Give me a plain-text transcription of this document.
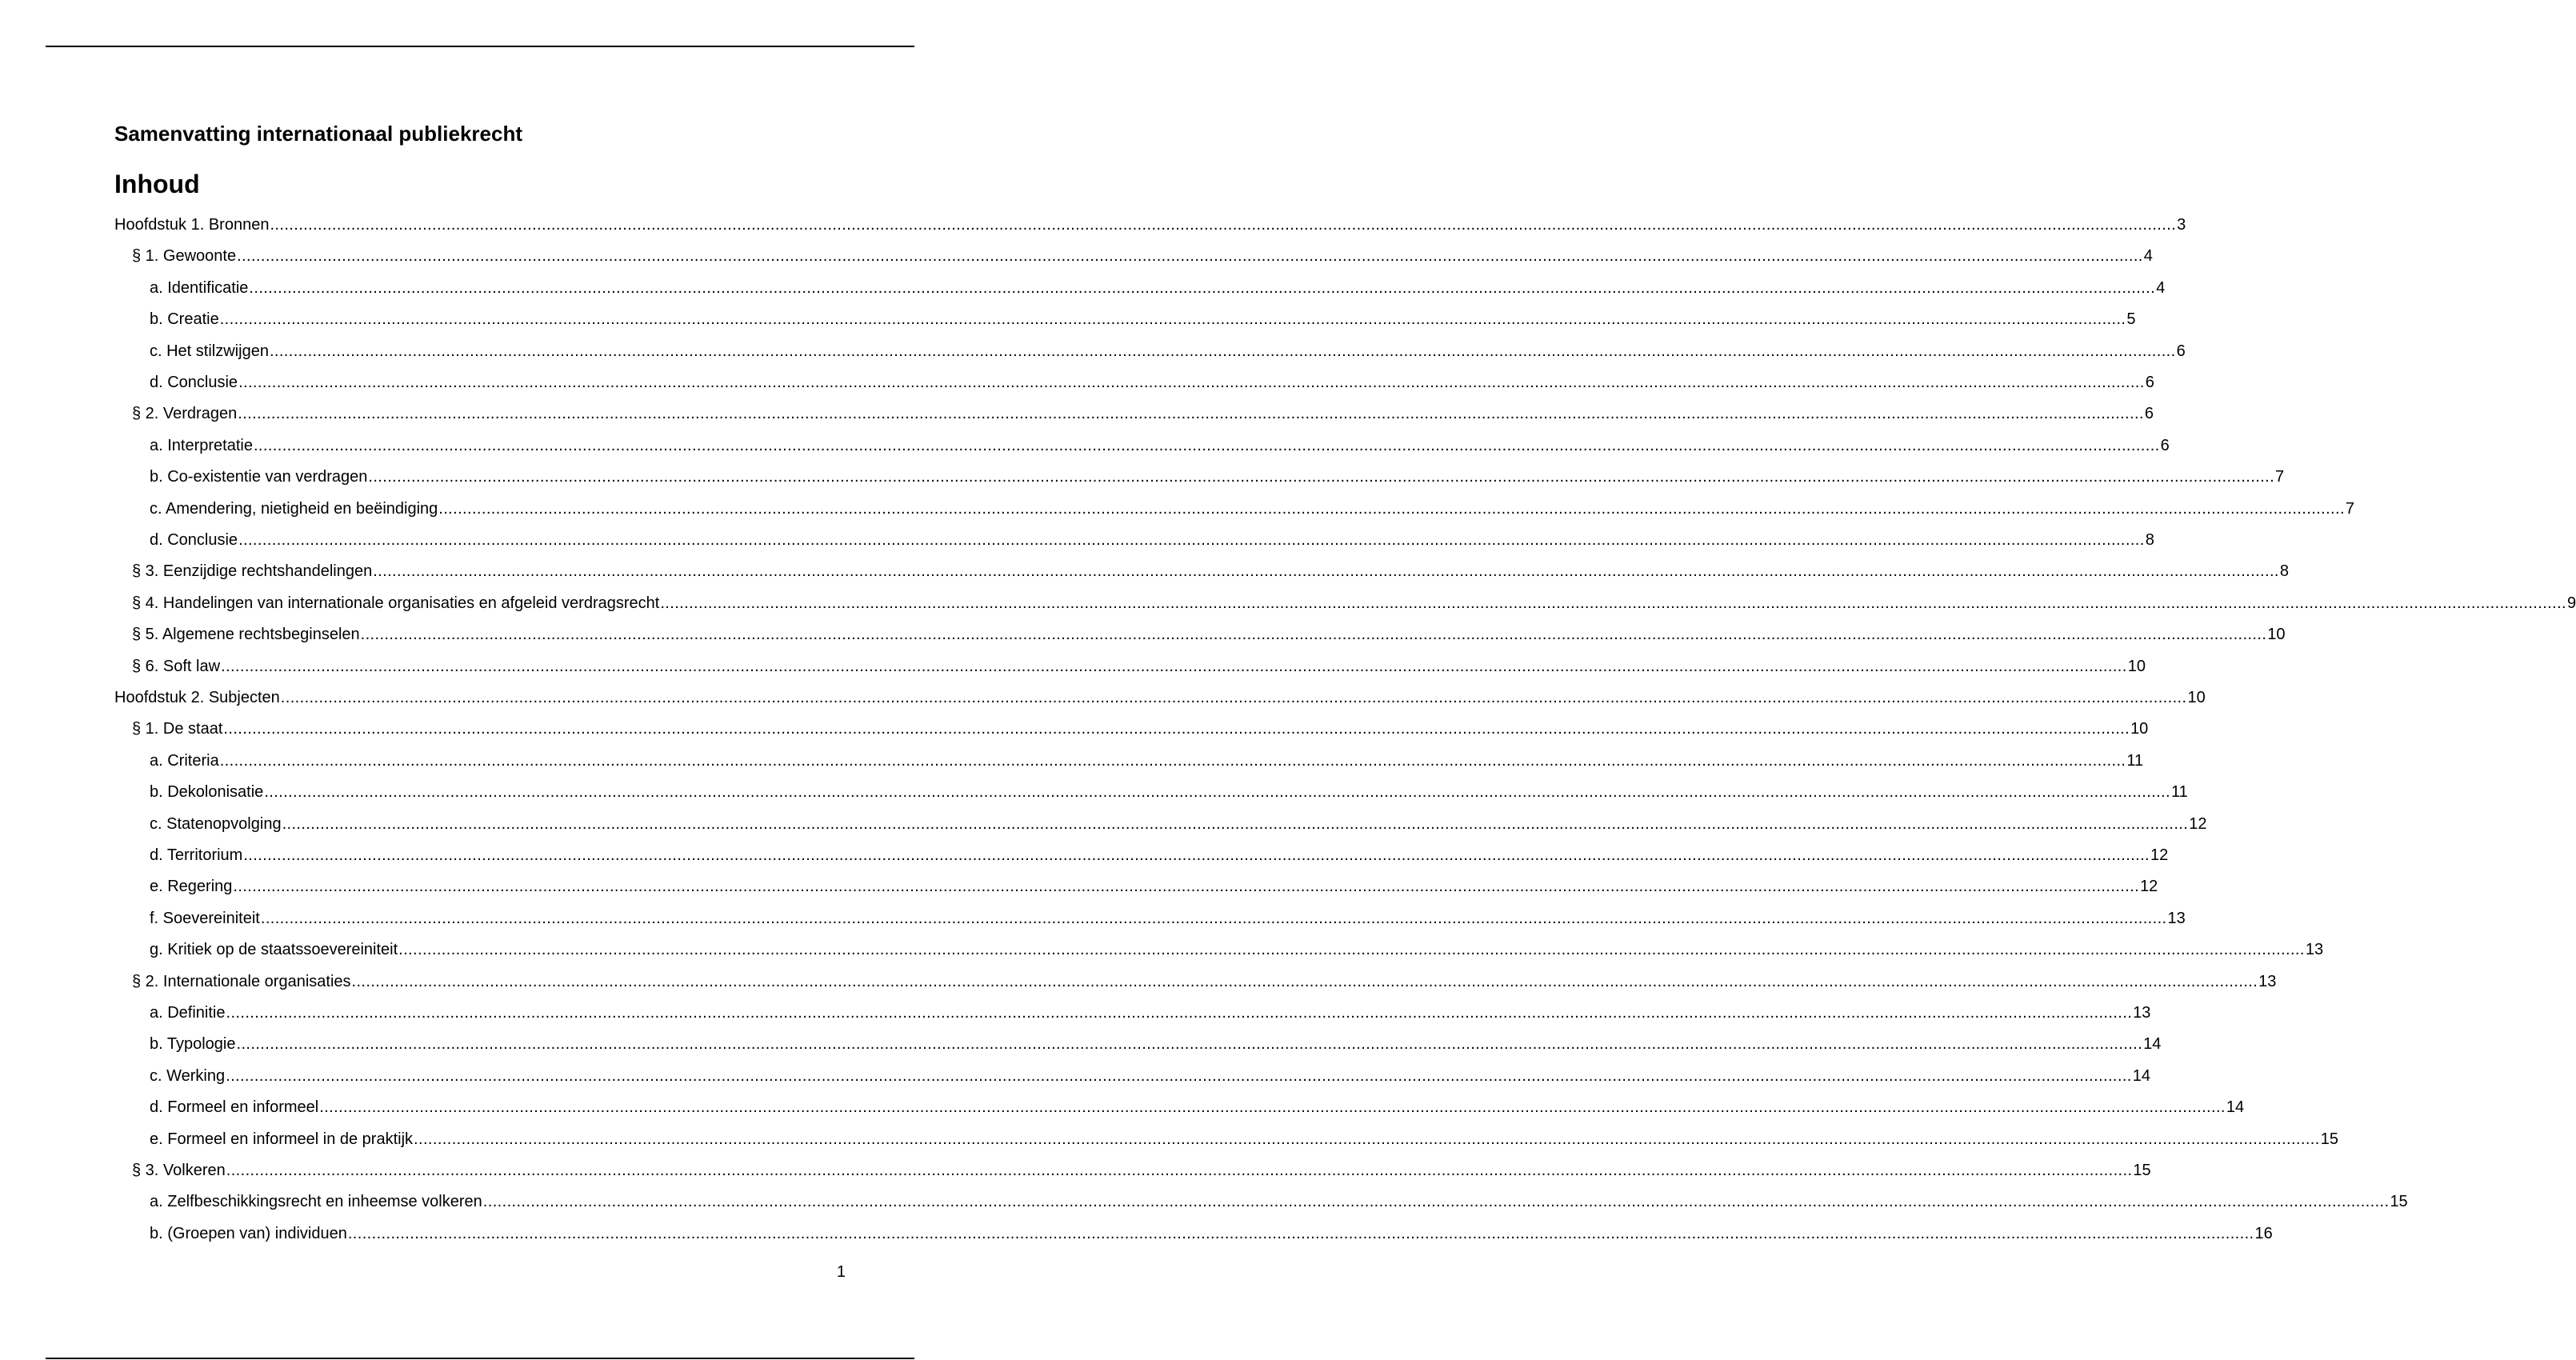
Samenvatting internationaal publiekrecht
Inhoud
Hoofdstuk 1. Bronnen ................................................................................................................................................................................................................................................................................................................................................................................................................ 3
§ 1. Gewoonte ................................................................................................................................................................................................................................................................................................................................................................................................................ 4
a. Identificatie ................................................................................................................................................................................................................................................................................................................................................................................................................ 4
b. Creatie ................................................................................................................................................................................................................................................................................................................................................................................................................ 5
c. Het stilzwijgen ................................................................................................................................................................................................................................................................................................................................................................................................................ 6
d. Conclusie ................................................................................................................................................................................................................................................................................................................................................................................................................ 6
§ 2. Verdragen ................................................................................................................................................................................................................................................................................................................................................................................................................ 6
a. Interpretatie ................................................................................................................................................................................................................................................................................................................................................................................................................ 6
b. Co-existentie van verdragen ................................................................................................................................................................................................................................................................................................................................................................................................................ 7
c. Amendering, nietigheid en beëindiging ................................................................................................................................................................................................................................................................................................................................................................................................................ 7
d. Conclusie ................................................................................................................................................................................................................................................................................................................................................................................................................ 8
§ 3. Eenzijdige rechtshandelingen ................................................................................................................................................................................................................................................................................................................................................................................................................ 8
§ 4. Handelingen van internationale organisaties en afgeleid verdragsrecht ................................................................................................................................................................................................................................................................................................................................................................................................................ 9
§ 5. Algemene rechtsbeginselen ................................................................................................................................................................................................................................................................................................................................................................................................................ 10
§ 6. Soft law ................................................................................................................................................................................................................................................................................................................................................................................................................ 10
Hoofdstuk 2. Subjecten ................................................................................................................................................................................................................................................................................................................................................................................................................ 10
§ 1. De staat ................................................................................................................................................................................................................................................................................................................................................................................................................ 10
a. Criteria ................................................................................................................................................................................................................................................................................................................................................................................................................ 11
b. Dekolonisatie ................................................................................................................................................................................................................................................................................................................................................................................................................ 11
c. Statenopvolging ................................................................................................................................................................................................................................................................................................................................................................................................................ 12
d. Territorium ................................................................................................................................................................................................................................................................................................................................................................................................................ 12
e. Regering ................................................................................................................................................................................................................................................................................................................................................................................................................ 12
f. Soevereiniteit ................................................................................................................................................................................................................................................................................................................................................................................................................ 13
g. Kritiek op de staatssoevereiniteit ................................................................................................................................................................................................................................................................................................................................................................................................................ 13
§ 2. Internationale organisaties ................................................................................................................................................................................................................................................................................................................................................................................................................ 13
a. Definitie ................................................................................................................................................................................................................................................................................................................................................................................................................ 13
b. Typologie ................................................................................................................................................................................................................................................................................................................................................................................................................ 14
c. Werking ................................................................................................................................................................................................................................................................................................................................................................................................................ 14
d. Formeel en informeel ................................................................................................................................................................................................................................................................................................................................................................................................................ 14
e. Formeel en informeel in de praktijk ................................................................................................................................................................................................................................................................................................................................................................................................................ 15
§ 3. Volkeren ................................................................................................................................................................................................................................................................................................................................................................................................................ 15
a. Zelfbeschikkingsrecht en inheemse volkeren ................................................................................................................................................................................................................................................................................................................................................................................................................ 15
b. (Groepen van) individuen ................................................................................................................................................................................................................................................................................................................................................................................................................ 16
1
